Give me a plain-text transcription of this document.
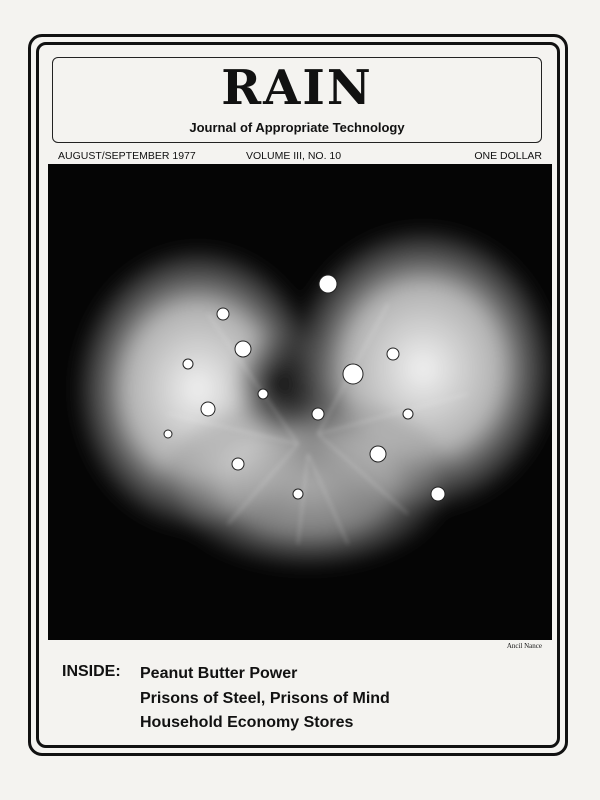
RAIN
Journal of Appropriate Technology
AUGUST/SEPTEMBER 1977	VOLUME III, NO. 10	ONE DOLLAR
Ancil Nance
INSIDE: Peanut Butter Power
Prisons of Steel, Prisons of Mind
Household Economy Stores
